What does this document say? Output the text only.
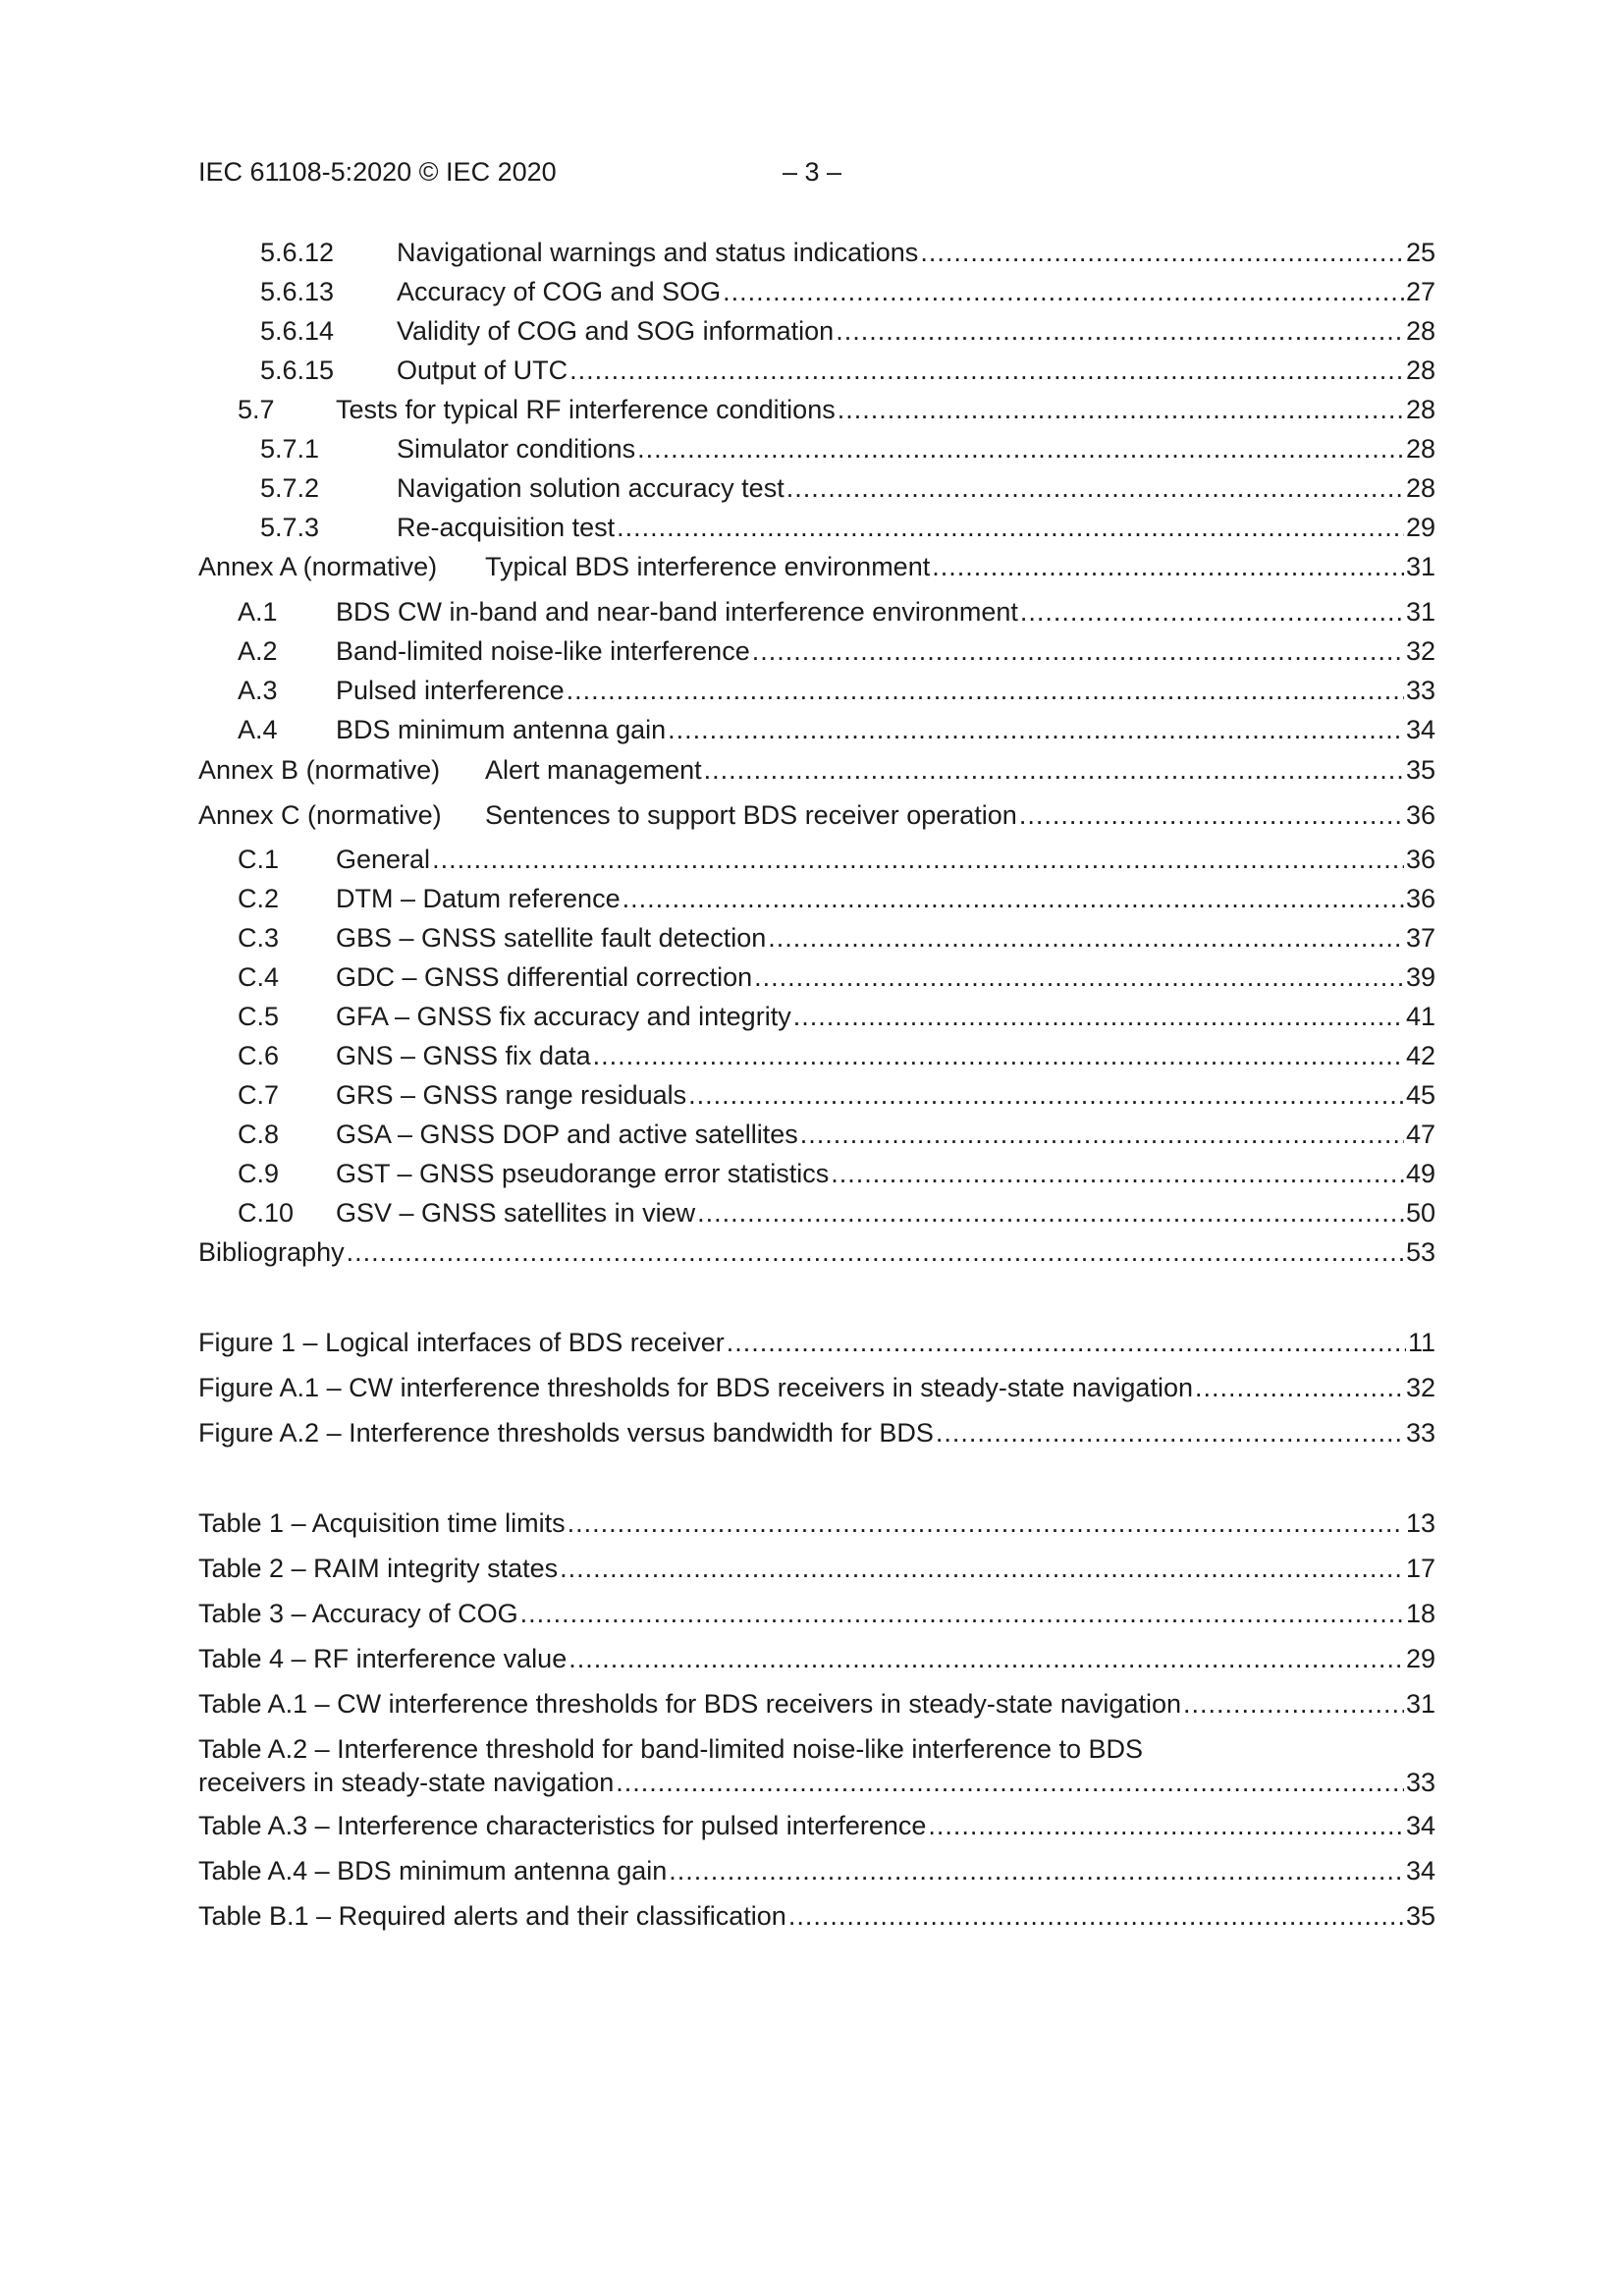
IEC 61108-5:2020 © IEC 2020	– 3 –
5.6.12	Navigational warnings and status indications .....	25
5.6.13	Accuracy of COG and SOG .....	27
5.6.14	Validity of COG and SOG information .....	28
5.6.15	Output of UTC .....	28
5.7	Tests for typical RF interference conditions .....	28
5.7.1	Simulator conditions .....	28
5.7.2	Navigation solution accuracy test .....	28
5.7.3	Re-acquisition test .....	29
Annex A (normative)	Typical BDS interference environment .....	31
A.1	BDS CW in-band and near-band interference environment .....	31
A.2	Band-limited noise-like interference .....	32
A.3	Pulsed interference .....	33
A.4	BDS minimum antenna gain .....	34
Annex B (normative)	Alert management .....	35
Annex C (normative)	Sentences to support BDS receiver operation .....	36
C.1	General .....	36
C.2	DTM – Datum reference .....	36
C.3	GBS – GNSS satellite fault detection .....	37
C.4	GDC – GNSS differential correction .....	39
C.5	GFA – GNSS fix accuracy and integrity .....	41
C.6	GNS – GNSS fix data .....	42
C.7	GRS – GNSS range residuals .....	45
C.8	GSA – GNSS DOP and active satellites .....	47
C.9	GST – GNSS pseudorange error statistics .....	49
C.10	GSV – GNSS satellites in view .....	50
Bibliography .....	53
Figure 1 – Logical interfaces of BDS receiver .....	11
Figure A.1 – CW interference thresholds for BDS receivers in steady-state navigation .....	32
Figure A.2 – Interference thresholds versus bandwidth for BDS .....	33
Table 1 – Acquisition time limits .....	13
Table 2 – RAIM integrity states .....	17
Table 3 – Accuracy of COG .....	18
Table 4 – RF interference value .....	29
Table A.1 – CW interference thresholds for BDS receivers in steady-state navigation .....	31
Table A.2 – Interference threshold for band-limited noise-like interference to BDS
receivers in steady-state navigation .....	33
Table A.3 – Interference characteristics for pulsed interference .....	34
Table A.4 – BDS minimum antenna gain .....	34
Table B.1 – Required alerts and their classification .....	35
